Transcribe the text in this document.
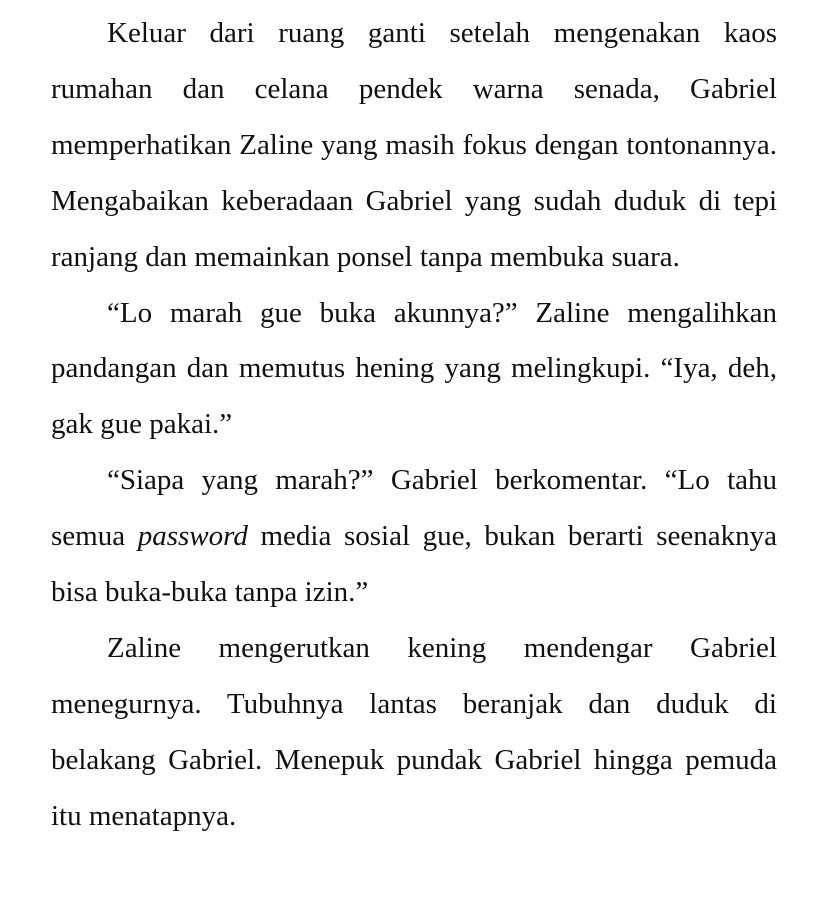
Keluar dari ruang ganti setelah mengenakan kaos rumahan dan celana pendek warna senada, Gabriel memperhatikan Zaline yang masih fokus dengan tontonannya. Mengabaikan keberadaan Gabriel yang sudah duduk di tepi ranjang dan memainkan ponsel tanpa membuka suara.

“Lo marah gue buka akunnya?” Zaline mengalihkan pandangan dan memutus hening yang melingkupi. “Iya, deh, gak gue pakai.”

“Siapa yang marah?” Gabriel berkomentar. “Lo tahu semua password media sosial gue, bukan berarti seenaknya bisa buka-buka tanpa izin.”

Zaline mengerutkan kening mendengar Gabriel menegurnya. Tubuhnya lantas beranjak dan duduk di belakang Gabriel. Menepuk pundak Gabriel hingga pemuda itu menatapnya.
